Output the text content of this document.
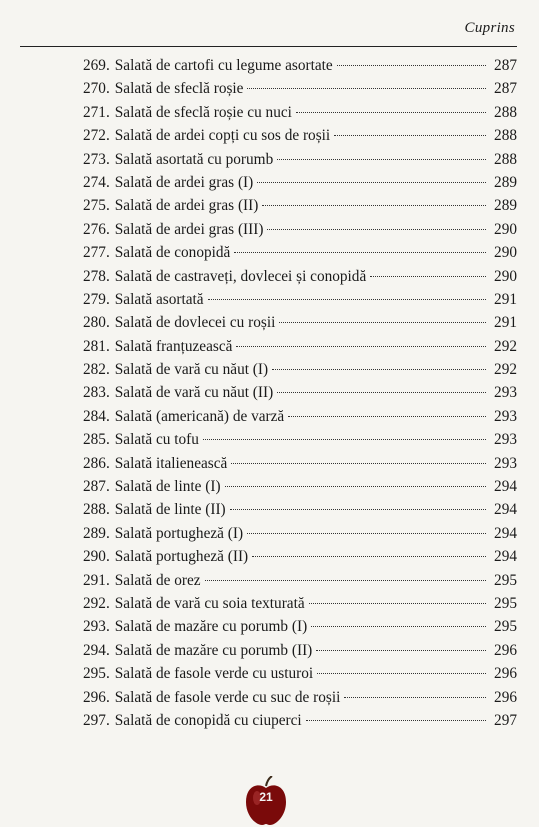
Cuprins
269. Salată de cartofi cu legume asortate	287
270. Salată de sfeclă roșie	287
271. Salată de sfeclă roșie cu nuci	288
272. Salată de ardei copți cu sos de roșii	288
273. Salată asortată cu porumb	288
274. Salată de ardei gras (I)	289
275. Salată de ardei gras (II)	289
276. Salată de ardei gras (III)	290
277. Salată de conopidă	290
278. Salată de castraveți, dovlecei și conopidă	290
279. Salată asortată	291
280. Salată de dovlecei cu roșii	291
281. Salată franțuzească	292
282. Salată de vară cu năut (I)	292
283. Salată de vară cu năut (II)	293
284. Salată (americană) de varză	293
285. Salată cu tofu	293
286. Salată italienească	293
287. Salată de linte (I)	294
288. Salată de linte (II)	294
289. Salată portugheză (I)	294
290. Salată portugheză (II)	294
291. Salată de orez	295
292. Salată de vară cu soia texturată	295
293. Salată de mazăre cu porumb (I)	295
294. Salată de mazăre cu porumb (II)	296
295. Salată de fasole verde cu usturoi	296
296. Salată de fasole verde cu suc de roșii	296
297. Salată de conopidă cu ciuperci	297
21
